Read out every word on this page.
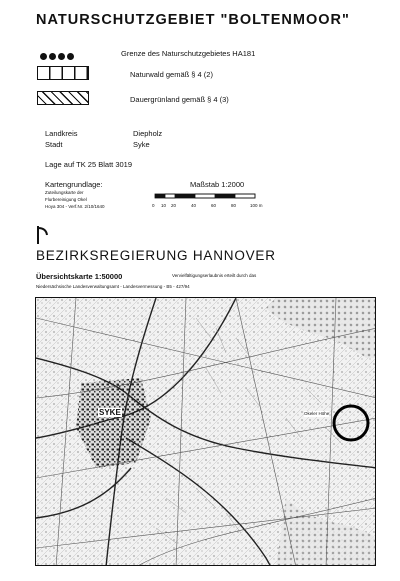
NATURSCHUTZGEBIET "BOLTENMOOR"
Grenze des Naturschutzgebietes HA181
Naturwald gemäß § 4 (2)
Dauergrünland gemäß § 4 (3)
Landkreis	Diepholz
Stadt	Syke
Lage auf TK 25 Blatt 3019
Kartengrundlage:
Zuteilungskarte der
Flurbereinigung Okel
Hoya 304 - Verf.Nr. 2/10/1640
Maßstab 1:2000
0 10 20	40	60	80	100 m
BEZIRKSREGIERUNG HANNOVER
Übersichtskarte 1:50000	Vervielfältigungserlaubnis erteilt durch das
Niedersächsische Landesverwaltungsamt - Landesvermessung - B5 - 427/94
SYKE	Okeler Höhe
